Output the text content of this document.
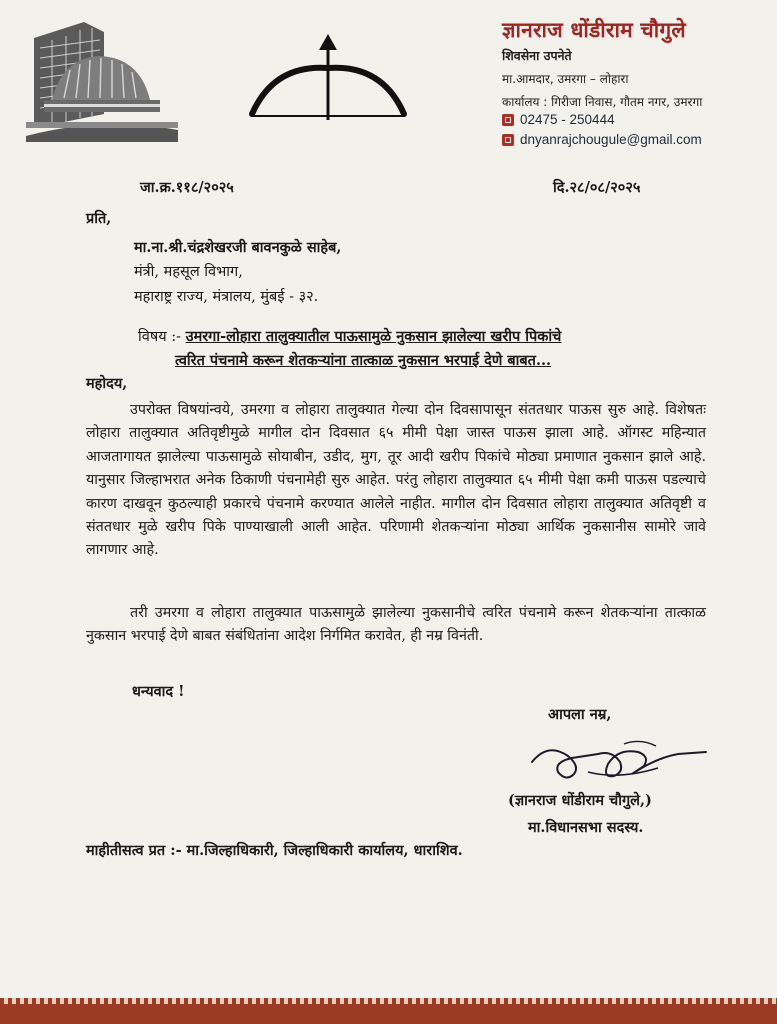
ज्ञानराज धोंडीराम चौगुले
शिवसेना उपनेते
मा.आमदार, उमरगा – लोहारा
कार्यालय : गिरीजा निवास, गौतम नगर, उमरगा
02475 - 250444
dnyanrajchougule@gmail.com
जा.क्र.११८/२०२५	दि.२८/०८/२०२५
प्रति,
मा.ना.श्री.चंद्रशेखरजी बावनकुळे साहेब,
मंत्री, महसूल विभाग,
महाराष्ट्र राज्य, मंत्रालय, मुंबई - ३२.
विषय :- उमरगा-लोहारा तालुक्यातील पाऊसामुळे नुकसान झालेल्या खरीप पिकांचे
त्वरित पंचनामे करून शेतकऱ्यांना तात्काळ नुकसान भरपाई देणे बाबत...
महोदय,
उपरोक्त विषयांन्वये, उमरगा व लोहारा तालुक्यात गेल्या दोन दिवसापासून संततधार पाऊस सुरु आहे. विशेषतः लोहारा तालुक्यात अतिवृष्टीमुळे मागील दोन दिवसात ६५ मीमी पेक्षा जास्त पाऊस झाला आहे. ऑगस्ट महिन्यात आजतागायत झालेल्या पाऊसामुळे सोयाबीन, उडीद, मुग, तूर आदी खरीप पिकांचे मोठ्या प्रमाणात नुकसान झाले आहे. यानुसार जिल्हाभरात अनेक ठिकाणी पंचनामेही सुरु आहेत. परंतु लोहारा तालुक्यात ६५ मीमी पेक्षा कमी पाऊस पडल्याचे कारण दाखवून कुठल्याही प्रकारचे पंचनामे करण्यात आलेले नाहीत. मागील दोन दिवसात लोहारा तालुक्यात अतिवृष्टी व संततधार मुळे खरीप पिके पाण्याखाली आली आहेत. परिणामी शेतकऱ्यांना मोठ्या आर्थिक नुकसानीस सामोरे जावे लागणार आहे.
तरी उमरगा व लोहारा तालुक्यात पाऊसामुळे झालेल्या नुकसानीचे त्वरित पंचनामे करून शेतकऱ्यांना तात्काळ नुकसान भरपाई देणे बाबत संबंधितांना आदेश निर्गमित करावेत, ही नम्र विनंती.
धन्यवाद !
आपला नम्र,
(ज्ञानराज धोंडीराम चौगुले,)
मा.विधानसभा सदस्य.
माहीतीसत्व प्रत :- मा.जिल्हाधिकारी, जिल्हाधिकारी कार्यालय, धाराशिव.
